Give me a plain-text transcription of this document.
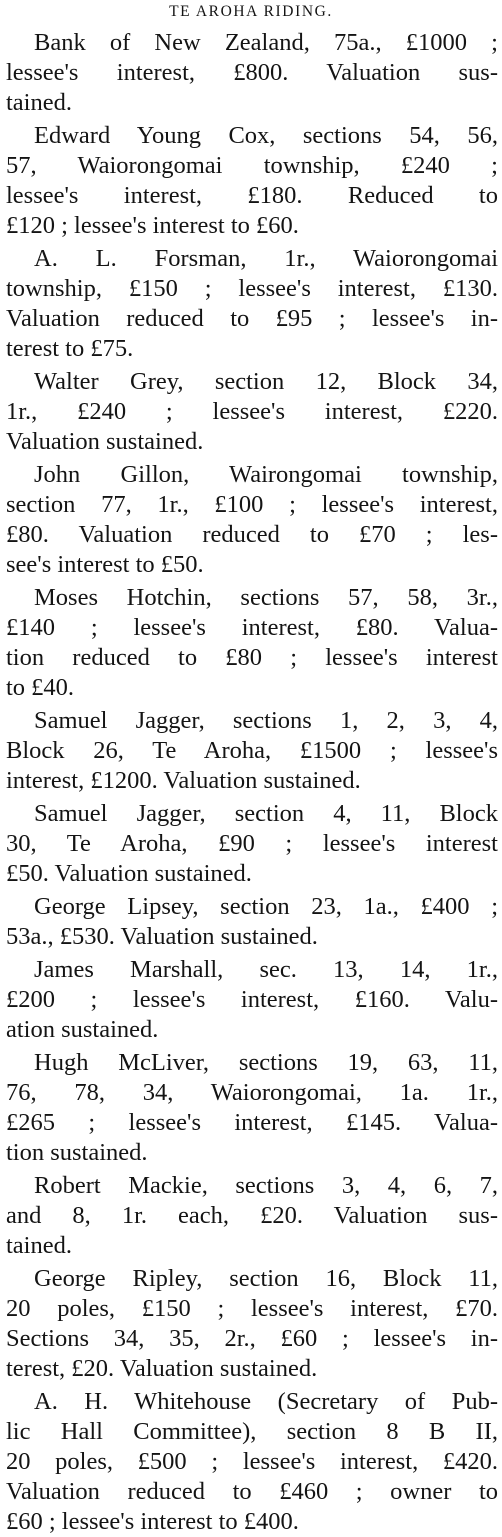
TE AROHA RIDING.
Bank of New Zealand, 75a., £1000 ;
lessee's interest, £800. Valuation sus-
tained.
Edward Young Cox, sections 54, 56,
57, Waiorongomai township, £240 ;
lessee's interest, £180. Reduced to
£120 ; lessee's interest to £60.
A. L. Forsman, 1r., Waiorongomai
township, £150 ; lessee's interest, £130.
Valuation reduced to £95 ; lessee's in-
terest to £75.
Walter Grey, section 12, Block 34,
1r., £240 ; lessee's interest, £220.
Valuation sustained.
John Gillon, Wairongomai township,
section 77, 1r., £100 ; lessee's interest,
£80. Valuation reduced to £70 ; les-
see's interest to £50.
Moses Hotchin, sections 57, 58, 3r.,
£140 ; lessee's interest, £80. Valua-
tion reduced to £80 ; lessee's interest
to £40.
Samuel Jagger, sections 1, 2, 3, 4,
Block 26, Te Aroha, £1500 ; lessee's
interest, £1200. Valuation sustained.
Samuel Jagger, section 4, 11, Block
30, Te Aroha, £90 ; lessee's interest
£50. Valuation sustained.
George Lipsey, section 23, 1a., £400 ;
53a., £530. Valuation sustained.
James Marshall, sec. 13, 14, 1r.,
£200 ; lessee's interest, £160. Valu-
ation sustained.
Hugh McLiver, sections 19, 63, 11,
76, 78, 34, Waiorongomai, 1a. 1r.,
£265 ; lessee's interest, £145. Valua-
tion sustained.
Robert Mackie, sections 3, 4, 6, 7,
and 8, 1r. each, £20. Valuation sus-
tained.
George Ripley, section 16, Block 11,
20 poles, £150 ; lessee's interest, £70.
Sections 34, 35, 2r., £60 ; lessee's in-
terest, £20. Valuation sustained.
A. H. Whitehouse (Secretary of Pub-
lic Hall Committee), section 8 B II,
20 poles, £500 ; lessee's interest, £420.
Valuation reduced to £460 ; owner to
£60 ; lessee's interest to £400.
